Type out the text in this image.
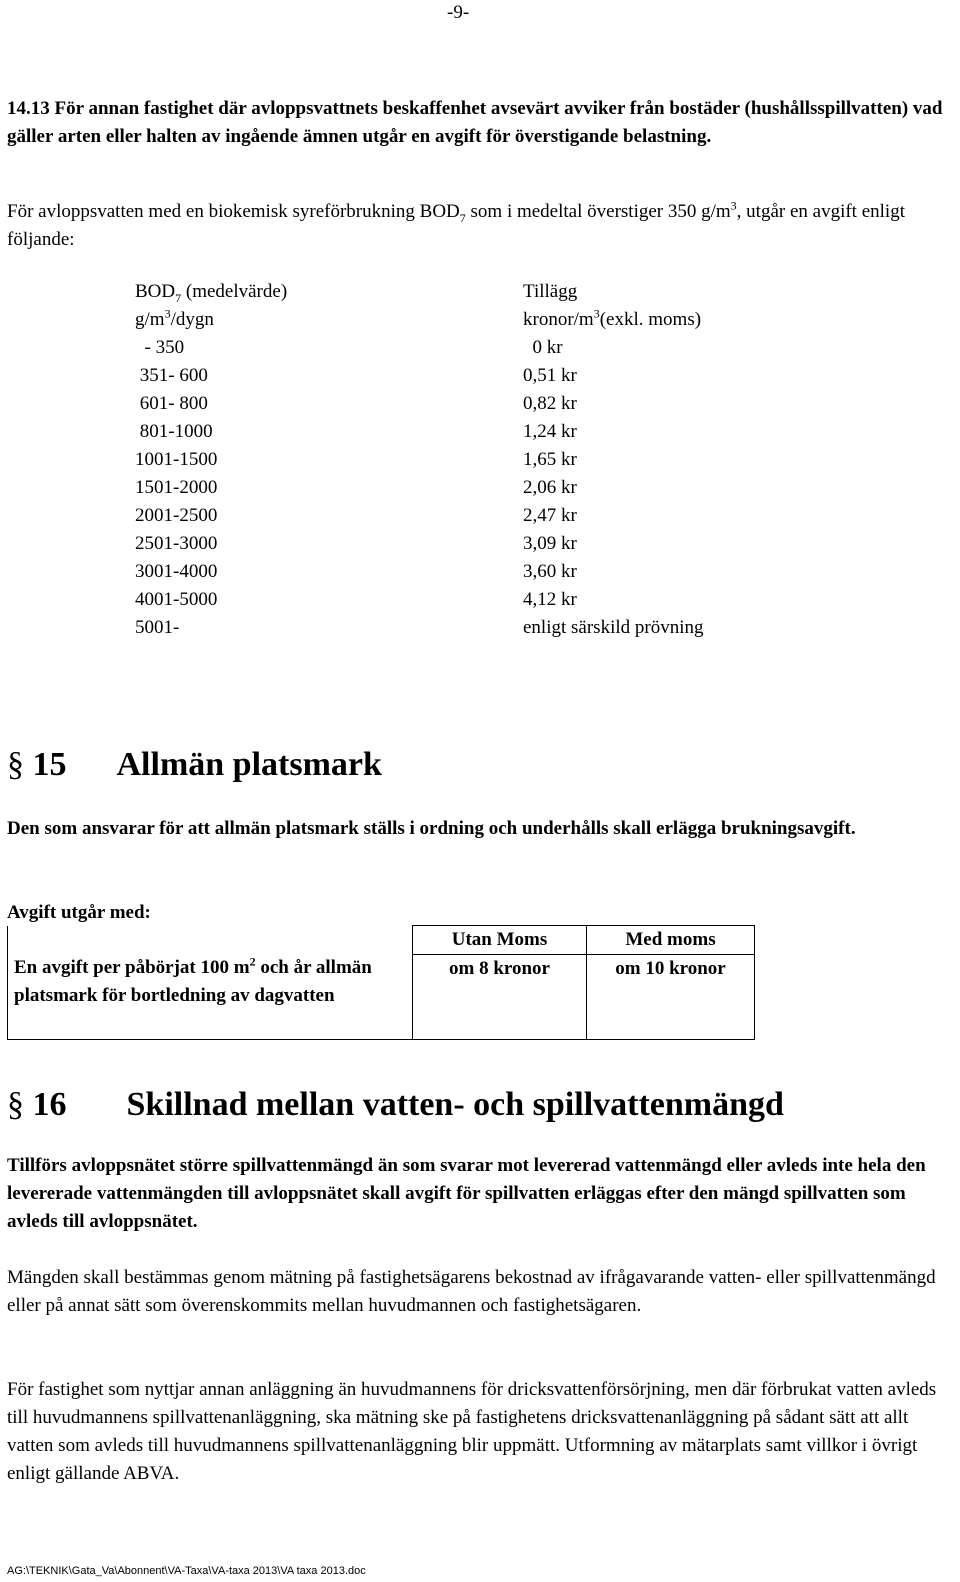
-9-
14.13 För annan fastighet där avloppsvattnets beskaffenhet avsevärt avviker från bostäder (hushållsspillvatten) vad gäller arten eller halten av ingående ämnen utgår en avgift för överstigande belastning.
För avloppsvatten med en biokemisk syreförbrukning $BOD_7$ som i medeltal överstiger 350 $g/m^3$, utgår en avgift enligt följande:
$BOD_7$ (medelvärde)	Tillägg
$g/m^3$/dygn	kronor/$m^3(exkl$. moms)
- 350	0 kr
351- 600	0,51 kr
601- 800	0,82 kr
801-1000	1,24 kr
1001-1500	1,65 kr
1501-2000	2,06 kr
2001-2500	2,47 kr
2501-3000	3,09 kr
3001-4000	3,60 kr
4001-5000	4,12 kr
5001-	enligt särskild prövning
§ 15 Allmän platsmark
Den som ansvarar för att allmän platsmark ställs i ordning och underhålls skall erlägga brukningsavgift.
Avgift utgår med:
En avgift per påbörjat 100 $m^2$ och år allmän platsmark för bortledning av dagvatten	Utan Moms	Med moms
	om 8 kronor	om 10 kronor
§ 16 Skillnad mellan vatten- och spillvattenmängd
Tillförs avloppsnätet större spillvattenmängd än som svarar mot levererad vattenmängd eller avleds inte hela den levererade vattenmängden till avloppsnätet skall avgift för spillvatten erläggas efter den mängd spillvatten som avleds till avloppsnätet.
Mängden skall bestämmas genom mätning på fastighetsägarens bekostnad av ifrågavarande vatten- eller spillvattenmängd eller på annat sätt som överenskommits mellan huvudmannen och fastighetsägaren.
För fastighet som nyttjar annan anläggning än huvudmannens för dricksvattenförsörjning, men där förbrukat vatten avleds till huvudmannens spillvattenanläggning, ska mätning ske på fastighetens dricksvattenanläggning på sådant sätt att allt vatten som avleds till huvudmannens spillvattenanläggning blir uppmätt. Utformning av mätarplats samt villkor i övrigt enligt gällande ABVA.
AG:\TEKNIK\Gata_Va\Abonnent\VA-Taxa\VA-taxa 2013\VA taxa 2013.doc
